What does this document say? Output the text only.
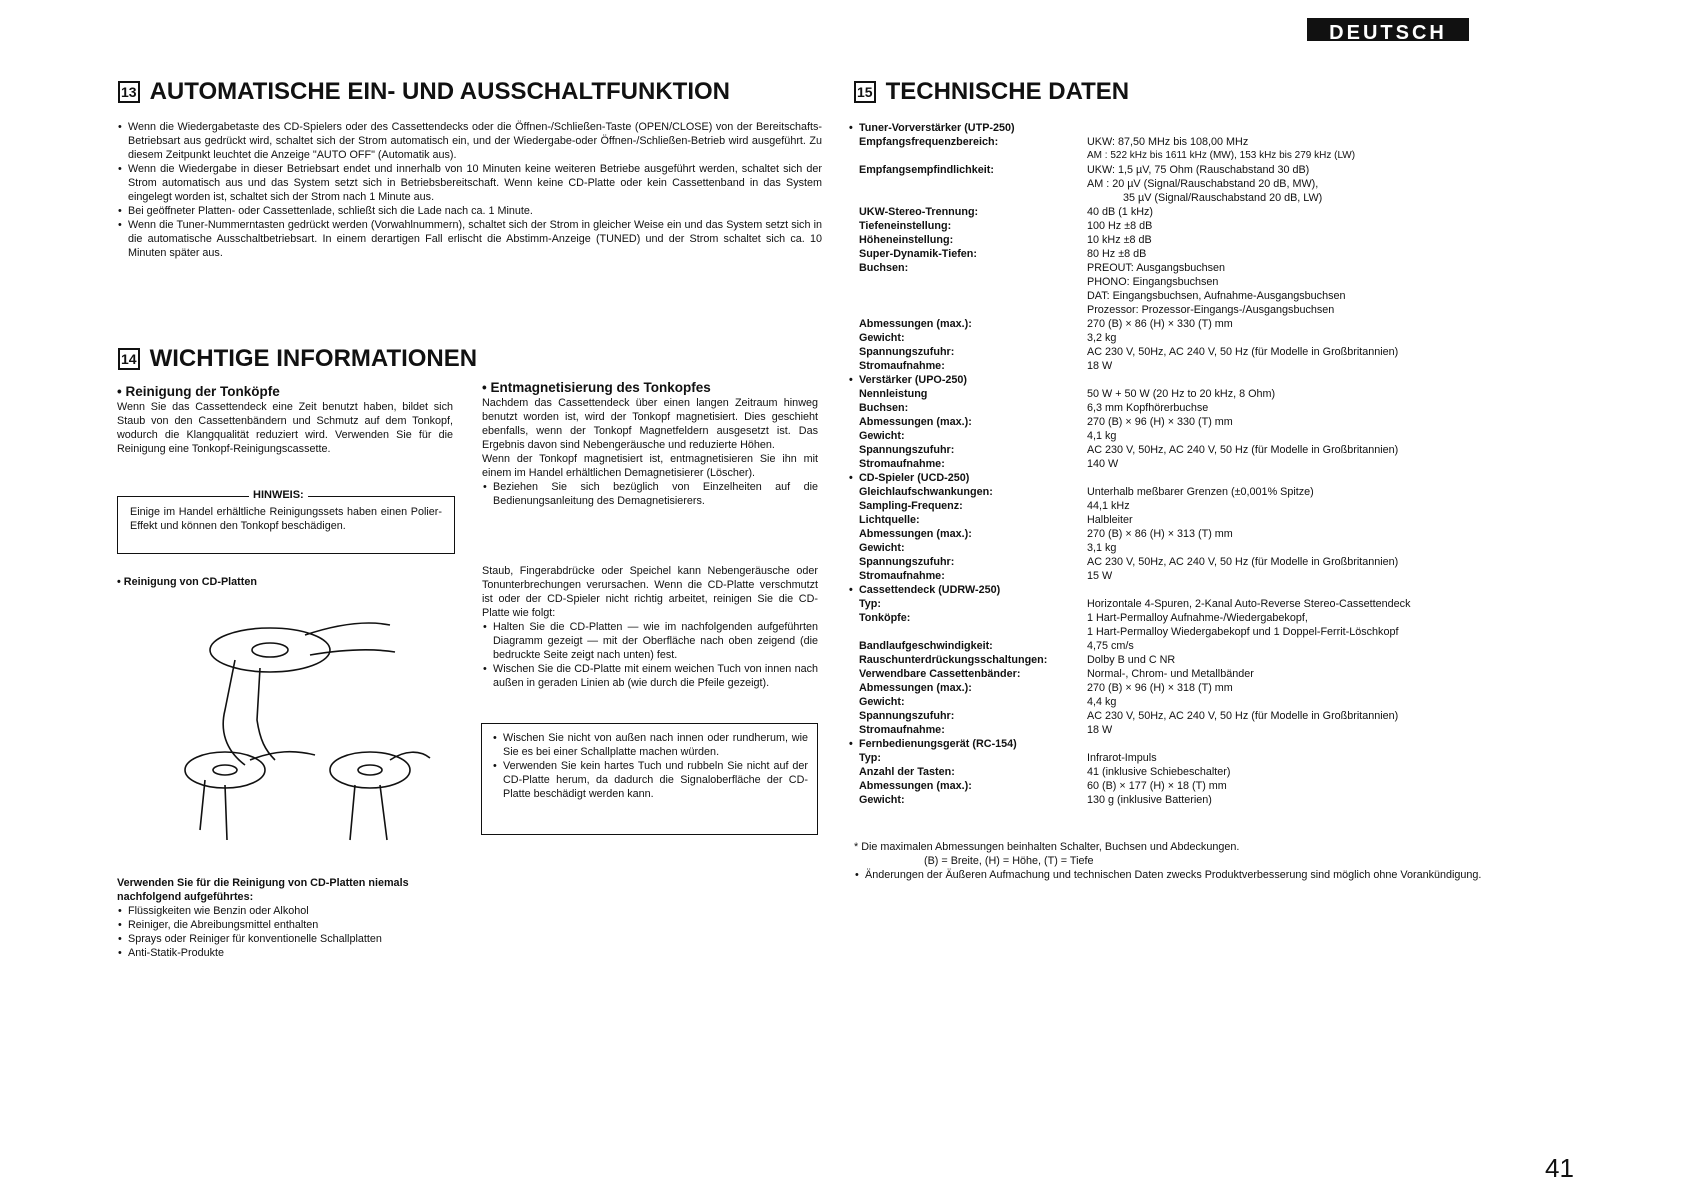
DEUTSCH
13 AUTOMATISCHE EIN- UND AUSSCHALTFUNKTION
• Wenn die Wiedergabetaste des CD-Spielers oder des Cassettendecks oder die Öffnen-/Schließen-Taste (OPEN/CLOSE) von der Bereitschafts-Betriebsart aus gedrückt wird, schaltet sich der Strom automatisch ein, und der Wiedergabe-oder Öffnen-/Schließen-Betrieb wird ausgeführt. Zu diesem Zeitpunkt leuchtet die Anzeige "AUTO OFF" (Automatik aus).
• Wenn die Wiedergabe in dieser Betriebsart endet und innerhalb von 10 Minuten keine weiteren Betriebe ausgeführt werden, schaltet sich der Strom automatisch aus und das System setzt sich in Betriebsbereitschaft. Wenn keine CD-Platte oder kein Cassettenband in das System eingelegt worden ist, schaltet sich der Strom nach 1 Minute aus.
• Bei geöffneter Platten- oder Cassettenlade, schließt sich die Lade nach ca. 1 Minute.
• Wenn die Tuner-Nummerntasten gedrückt werden (Vorwahlnummern), schaltet sich der Strom in gleicher Weise ein und das System setzt sich in die automatische Ausschaltbetriebsart. In einem derartigen Fall erlischt die Abstimm-Anzeige (TUNED) und der Strom schaltet sich ca. 10 Minuten später aus.
14 WICHTIGE INFORMATIONEN
• Reinigung der Tonköpfe
Wenn Sie das Cassettendeck eine Zeit benutzt haben, bildet sich Staub von den Cassettenbändern und Schmutz auf dem Tonkopf, wodurch die Klangqualität reduziert wird. Verwenden Sie für die Reinigung eine Tonkopf-Reinigungscassette.
HINWEIS:
Einige im Handel erhältliche Reinigungssets haben einen Polier-Effekt und können den Tonkopf beschädigen.
• Reinigung von CD-Platten
Verwenden Sie für die Reinigung von CD-Platten niemals nachfolgend aufgeführtes:
• Flüssigkeiten wie Benzin oder Alkohol
• Reiniger, die Abreibungsmittel enthalten
• Sprays oder Reiniger für konventionelle Schallplatten
• Anti-Statik-Produkte
• Entmagnetisierung des Tonkopfes
Nachdem das Cassettendeck über einen langen Zeitraum hinweg benutzt worden ist, wird der Tonkopf magnetisiert. Dies geschieht ebenfalls, wenn der Tonkopf Magnetfeldern ausgesetzt ist. Das Ergebnis davon sind Nebengeräusche und reduzierte Höhen.
Wenn der Tonkopf magnetisiert ist, entmagnetisieren Sie ihn mit einem im Handel erhältlichen Demagnetisierer (Löscher).
• Beziehen Sie sich bezüglich von Einzelheiten auf die Bedienungsanleitung des Demagnetisierers.
Staub, Fingerabdrücke oder Speichel kann Nebengeräusche oder Tonunterbrechungen verursachen. Wenn die CD-Platte verschmutzt ist oder der CD-Spieler nicht richtig arbeitet, reinigen Sie die CD-Platte wie folgt:
• Halten Sie die CD-Platten — wie im nachfolgenden aufgeführten Diagramm gezeigt — mit der Oberfläche nach oben zeigend (die bedruckte Seite zeigt nach unten) fest.
• Wischen Sie die CD-Platte mit einem weichen Tuch von innen nach außen in geraden Linien ab (wie durch die Pfeile gezeigt).
• Wischen Sie nicht von außen nach innen oder rundherum, wie Sie es bei einer Schallplatte machen würden.
• Verwenden Sie kein hartes Tuch und rubbeln Sie nicht auf der CD-Platte herum, da dadurch die Signaloberfläche der CD-Platte beschädigt werden kann.
15 TECHNISCHE DATEN
• Tuner-Vorverstärker (UTP-250)
Empfangsfrequenzbereich:	UKW: 87,50 MHz bis 108,00 MHz
AM : 522 kHz bis 1611 kHz (MW), 153 kHz bis 279 kHz (LW)
Empfangsempfindlichkeit:	UKW: 1,5 µV, 75 Ohm (Rauschabstand 30 dB)
AM : 20 µV (Signal/Rauschabstand 20 dB, MW),
35 µV (Signal/Rauschabstand 20 dB, LW)
UKW-Stereo-Trennung:	40 dB (1 kHz)
Tiefeneinstellung:	100 Hz ±8 dB
Höheneinstellung:	10 kHz ±8 dB
Super-Dynamik-Tiefen:	80 Hz ±8 dB
Buchsen:	PREOUT: Ausgangsbuchsen
PHONO: Eingangsbuchsen
DAT: Eingangsbuchsen, Aufnahme-Ausgangsbuchsen
Prozessor: Prozessor-Eingangs-/Ausgangsbuchsen
Abmessungen (max.):	270 (B) × 86 (H) × 330 (T) mm
Gewicht:	3,2 kg
Spannungszufuhr:	AC 230 V, 50Hz, AC 240 V, 50 Hz (für Modelle in Großbritannien)
Stromaufnahme:	18 W
• Verstärker (UPO-250)
Nennleistung	50 W + 50 W (20 Hz to 20 kHz, 8 Ohm)
Buchsen:	6,3 mm Kopfhörerbuchse
Abmessungen (max.):	270 (B) × 96 (H) × 330 (T) mm
Gewicht:	4,1 kg
Spannungszufuhr:	AC 230 V, 50Hz, AC 240 V, 50 Hz (für Modelle in Großbritannien)
Stromaufnahme:	140 W
• CD-Spieler (UCD-250)
Gleichlaufschwankungen:	Unterhalb meßbarer Grenzen (±0,001% Spitze)
Sampling-Frequenz:	44,1 kHz
Lichtquelle:	Halbleiter
Abmessungen (max.):	270 (B) × 86 (H) × 313 (T) mm
Gewicht:	3,1 kg
Spannungszufuhr:	AC 230 V, 50Hz, AC 240 V, 50 Hz (für Modelle in Großbritannien)
Stromaufnahme:	15 W
• Cassettendeck (UDRW-250)
Typ:	Horizontale 4-Spuren, 2-Kanal Auto-Reverse Stereo-Cassettendeck
Tonköpfe:	1 Hart-Permalloy Aufnahme-/Wiedergabekopf,
1 Hart-Permalloy Wiedergabekopf und 1 Doppel-Ferrit-Löschkopf
Bandlaufgeschwindigkeit:	4,75 cm/s
Rauschunterdrückungsschaltungen:	Dolby B und C NR
Verwendbare Cassettenbänder:	Normal-, Chrom- und Metallbänder
Abmessungen (max.):	270 (B) × 96 (H) × 318 (T) mm
Gewicht:	4,4 kg
Spannungszufuhr:	AC 230 V, 50Hz, AC 240 V, 50 Hz (für Modelle in Großbritannien)
Stromaufnahme:	18 W
• Fernbedienungsgerät (RC-154)
Typ:	Infrarot-Impuls
Anzahl der Tasten:	41 (inklusive Schiebeschalter)
Abmessungen (max.):	60 (B) × 177 (H) × 18 (T) mm
Gewicht:	130 g (inklusive Batterien)
* Die maximalen Abmessungen beinhalten Schalter, Buchsen und Abdeckungen.
(B) = Breite, (H) = Höhe, (T) = Tiefe
• Änderungen der Äußeren Aufmachung und technischen Daten zwecks Produktverbesserung sind möglich ohne Vorankündigung.
41
